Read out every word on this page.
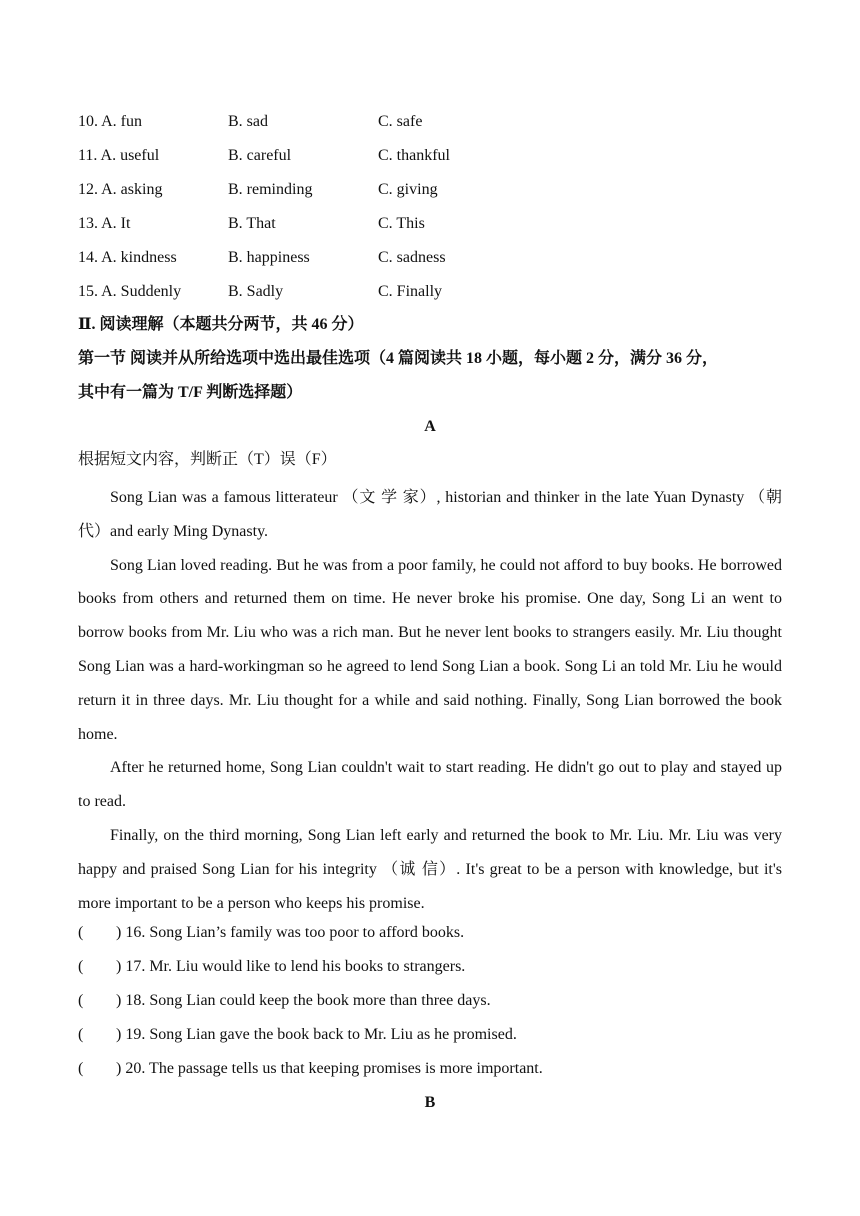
10. A. fun	B. sad	C. safe
11. A. useful	B. careful	C. thankful
12. A. asking	B. reminding	C. giving
13. A. It	B. That	C. This
14. A. kindness	B. happiness	C. sadness
15. A. Suddenly	B. Sadly	C. Finally
Ⅱ. 阅读理解（本题共分两节，共 46 分）
第一节 阅读并从所给选项中选出最佳选项（4 篇阅读共 18 小题，每小题 2 分，满分 36 分，
其中有一篇为 T/F 判断选择题）
A
根据短文内容，判断正（T）误（F）

Song Lian was a famous litterateur （文 学 家）, historian and thinker in the late Yuan Dynasty （朝代）and early Ming Dynasty.

Song Lian loved reading. But he was from a poor family, he could not afford to buy books. He borrowed books from others and returned them on time. He never broke his promise. One day, Song Li an went to borrow books from Mr. Liu who was a rich man. But he never lent books to strangers easily. Mr. Liu thought Song Lian was a hard-workingman so he agreed to lend Song Lian a book. Song Li an told Mr. Liu he would return it in three days. Mr. Liu thought for a while and said nothing. Finally, Song Lian borrowed the book home.

After he returned home, Song Lian couldn't wait to start reading. He didn't go out to play and stayed up to read.

Finally, on the third morning, Song Lian left early and returned the book to Mr. Liu. Mr. Liu was very happy and praised Song Lian for his integrity （诚 信）. It's great to be a person with knowledge, but it's more important to be a person who keeps his promise.

( ) 16. Song Lian’s family was too poor to afford books.
( ) 17. Mr. Liu would like to lend his books to strangers.
( ) 18. Song Lian could keep the book more than three days.
( ) 19. Song Lian gave the book back to Mr. Liu as he promised.
( ) 20. The passage tells us that keeping promises is more important.
B
